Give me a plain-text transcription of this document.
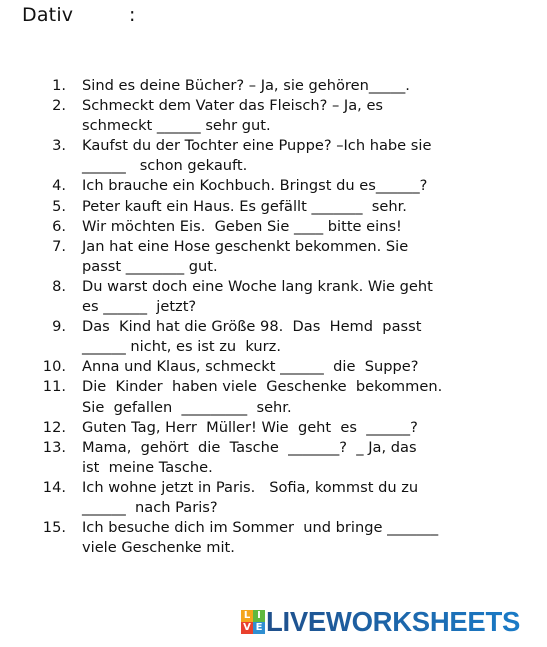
Dativ	:
1. Sind es deine Bücher? – Ja, sie gehören_____.
2. Schmeckt dem Vater das Fleisch? – Ja, es
schmeckt ______ sehr gut.
3. Kaufst du der Tochter eine Puppe? –Ich habe sie
______   schon gekauft.
4. Ich brauche ein Kochbuch. Bringst du es______?
5. Peter kauft ein Haus. Es gefällt _______  sehr.
6. Wir möchten Eis.  Geben Sie ____ bitte eins!
7. Jan hat eine Hose geschenkt bekommen. Sie
passt ________ gut.
8. Du warst doch eine Woche lang krank. Wie geht
es ______  jetzt?
9. Das  Kind hat die Größe 98.  Das  Hemd  passt
______ nicht, es ist zu  kurz.
10. Anna und Klaus, schmeckt ______  die  Suppe?
11. Die  Kinder  haben viele  Geschenke  bekommen.
Sie  gefallen  _________  sehr.
12. Guten Tag, Herr  Müller! Wie  geht  es  ______?
13. Mama,  gehört  die  Tasche  _______?  _ Ja, das
ist  meine Tasche.
14. Ich wohne jetzt in Paris.   Sofia, kommst du zu
______  nach Paris?
15. Ich besuche dich im Sommer  und bringe _______
viele Geschenke mit.
L I
V E LIVEWORKSHEETS
